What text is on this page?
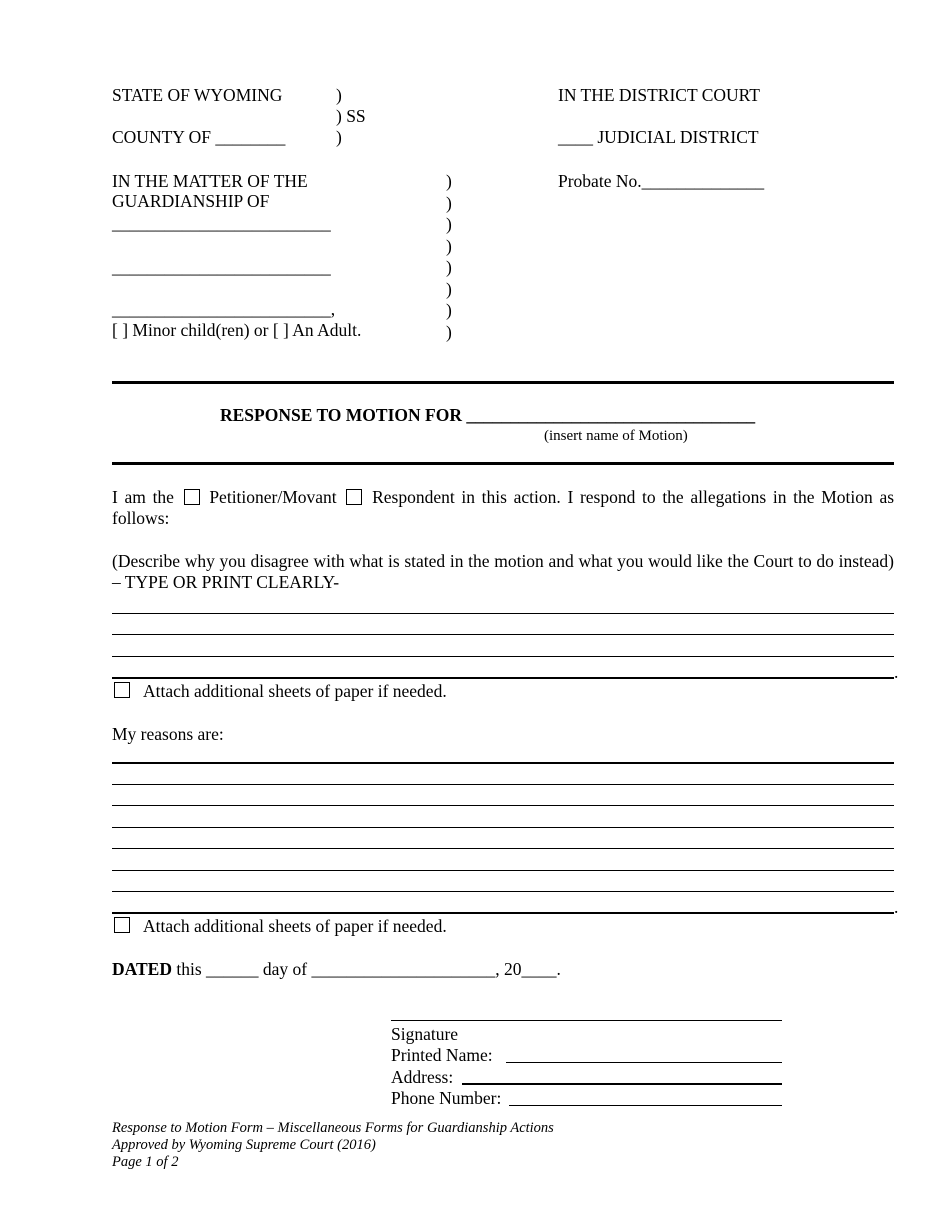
STATE OF WYOMING	)
) SS
COUNTY OF ________	)
IN THE DISTRICT COURT
____ JUDICIAL DISTRICT
Probate No.______________
IN THE MATTER OF THE
GUARDIANSHIP OF
_________________________
_________________________
_________________________,
[ ] Minor child(ren) or [ ] An Adult.
)
)
)
)
)
)
)
)
RESPONSE TO MOTION FOR _________________________________
(insert name of Motion)
I am the Petitioner/Movant Respondent in this action. I respond to the allegations in the Motion as follows:
(Describe why you disagree with what is stated in the motion and what you would like the Court to do instead) – TYPE OR PRINT CLEARLY-
.
Attach additional sheets of paper if needed.
My reasons are:
.
Attach additional sheets of paper if needed.
DATED this ______ day of _____________________, 20____.
Signature
Printed Name:
Address:
Phone Number:
Response to Motion Form – Miscellaneous Forms for Guardianship Actions
Approved by Wyoming Supreme Court (2016)
Page 1 of 2
